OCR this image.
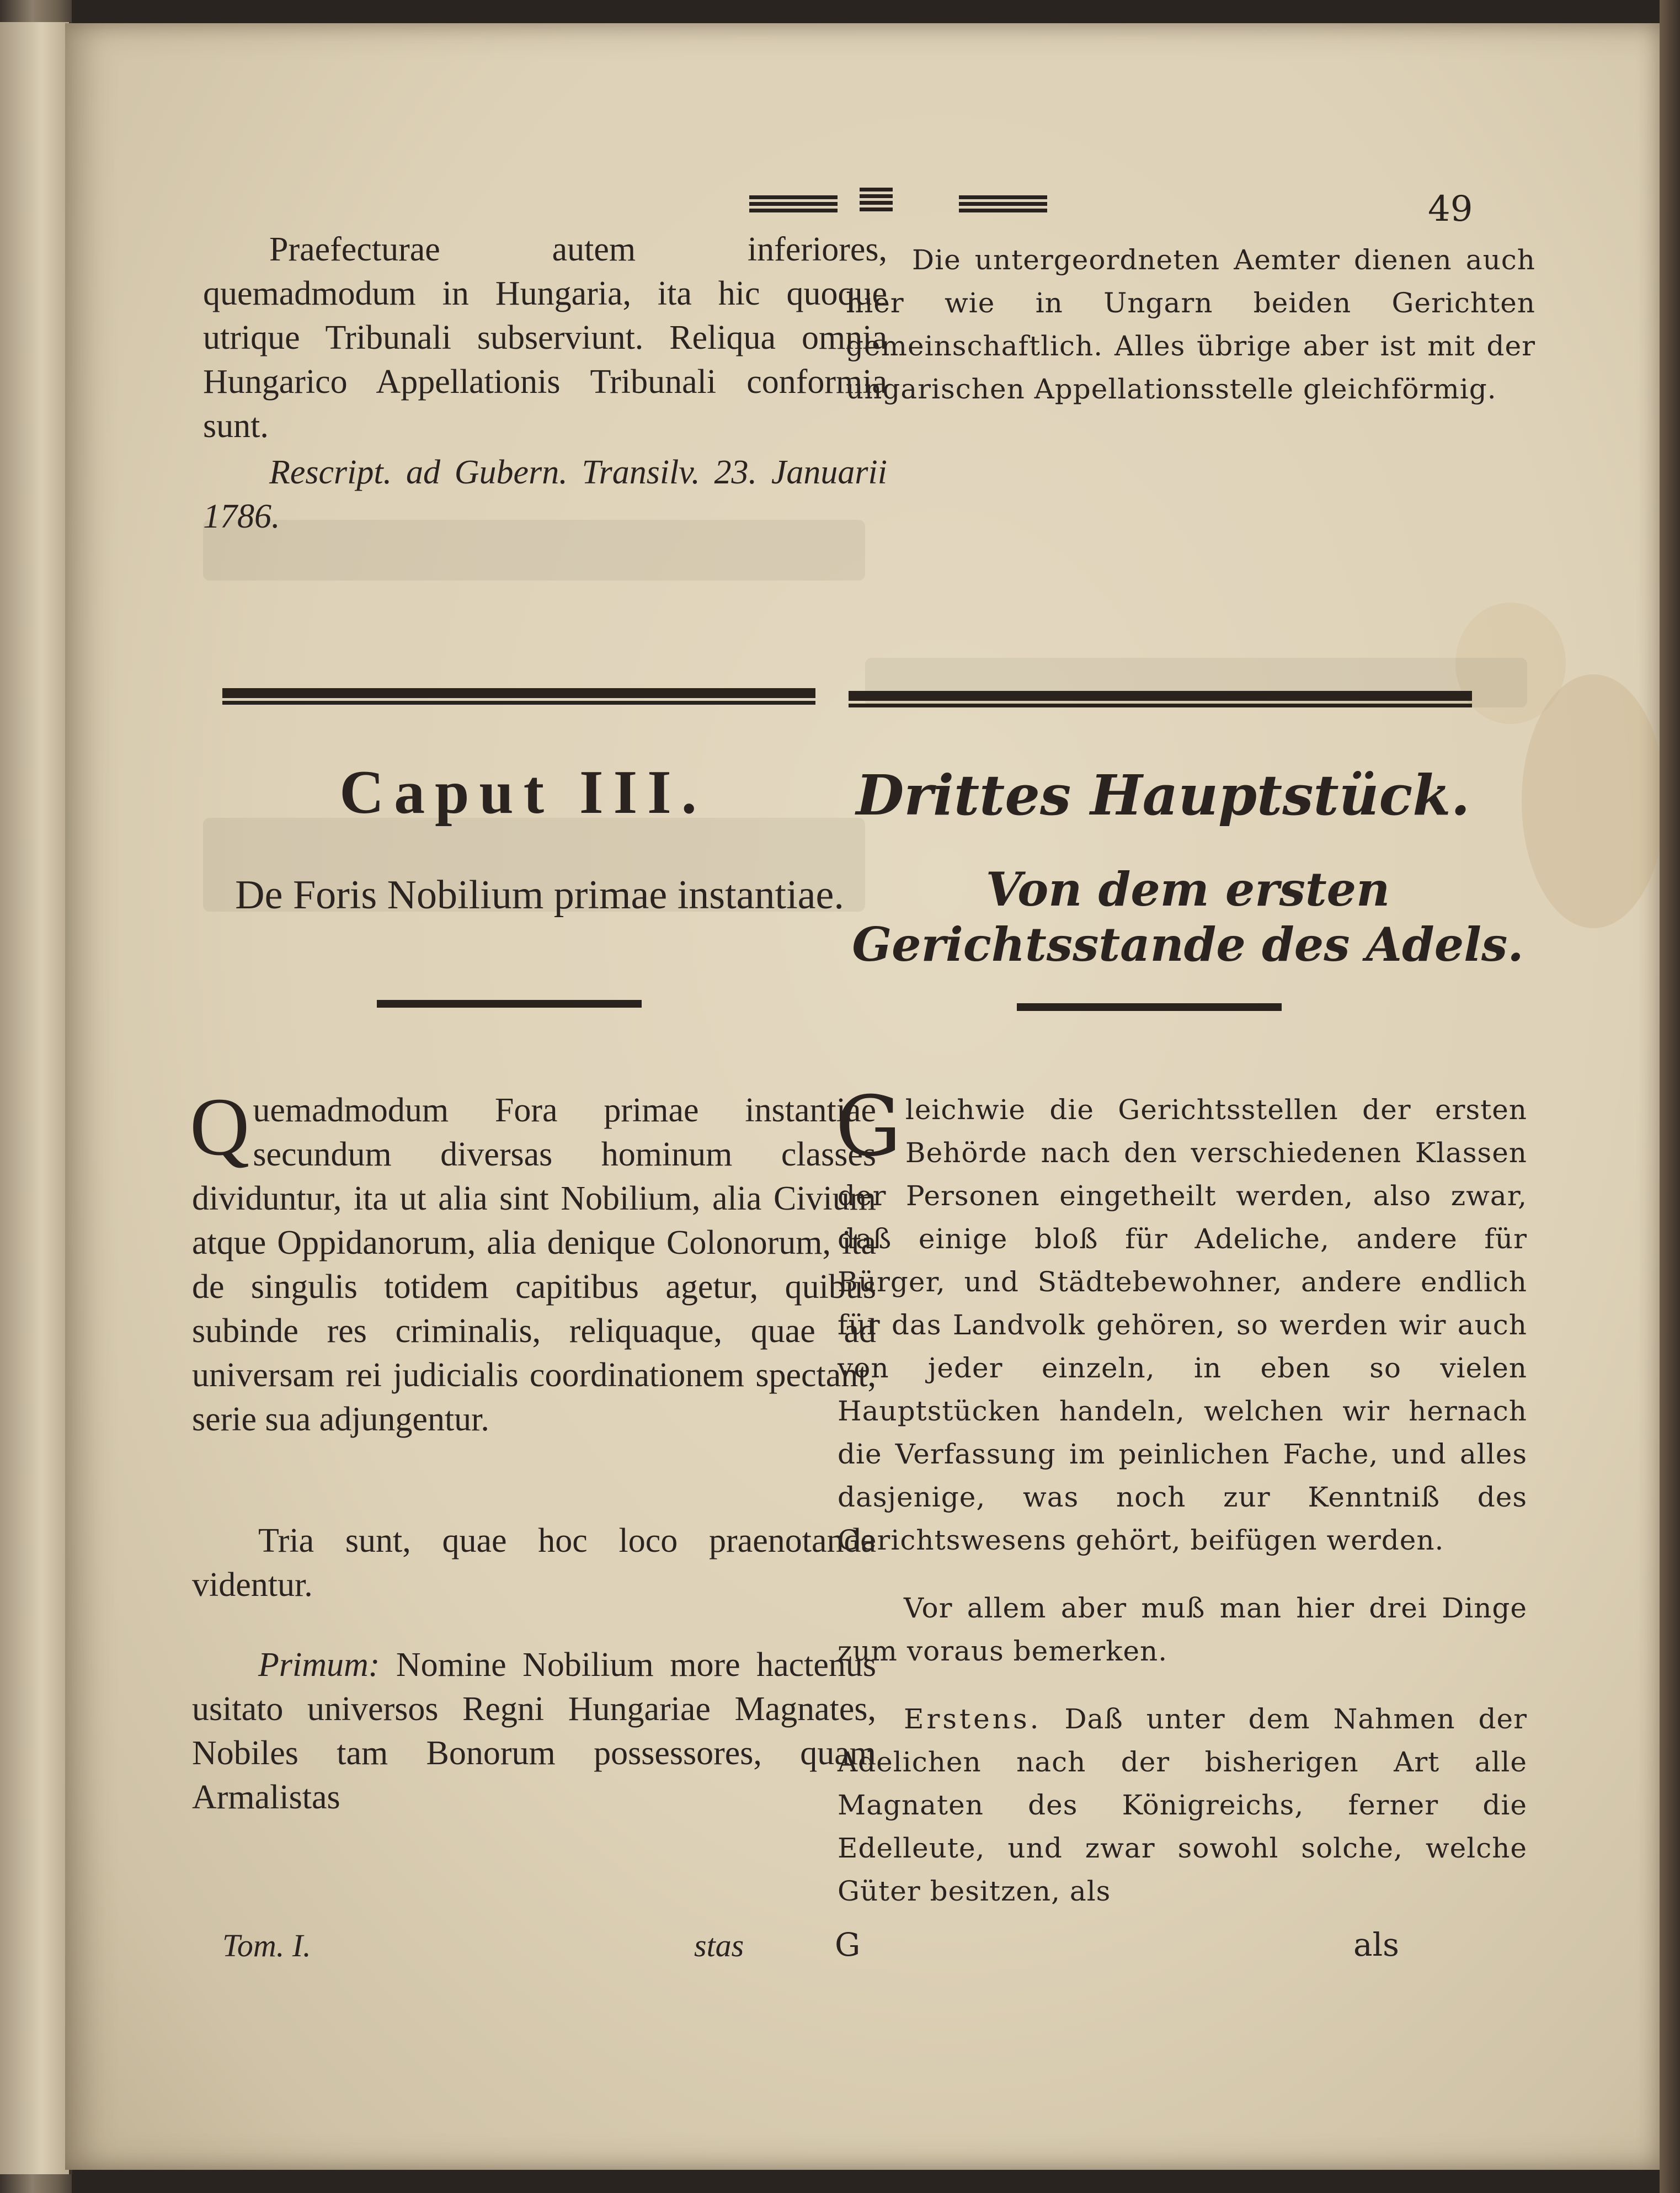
49

Praefecturae autem inferiores, quemadmodum in Hungaria, ita hic quoque utrique Tribunali subserviunt. Reliqua omnia Hungarico Appellationis Tribunali conformia sunt.

Rescript. ad Gubern. Transilv. 23. Januarii 1786.

Die untergeordneten Aemter dienen auch hier wie in Ungarn beiden Gerichten gemeinschaftlich. Alles übrige aber ist mit der ungarischen Appellationsstelle gleichförmig.

Caput III.	Drittes Hauptstück.
De Foris Nobilium primae instantiae.	Von dem ersten Gerichtsstande des Adels.

Quemadmodum Fora primae instantiae secundum diversas hominum classes dividuntur, ita ut alia sint Nobilium, alia Civium atque Oppidanorum, alia denique Colonorum, ita de singulis totidem capitibus agetur, quibus subinde res criminalis, reliquaque, quae ad universam rei judicialis coordinationem spectant, serie sua adjungentur.

Tria sunt, quae hoc loco praenotanda videntur.

Primum: Nomine Nobilium more hactenus usitato universos Regni Hungariae Magnates, Nobiles tam Bonorum possessores, quam Armalistas

Gleichwie die Gerichtsstellen der ersten Behörde nach den verschiedenen Klassen der Personen eingetheilt werden, also zwar, daß einige bloß für Adeliche, andere für Bürger, und Städtebewohner, andere endlich für das Landvolk gehören, so werden wir auch von jeder einzeln, in eben so vielen Hauptstücken handeln, welchen wir hernach die Verfassung im peinlichen Fache, und alles dasjenige, was noch zur Kenntniß des Gerichtswesens gehört, beifügen werden.

Vor allem aber muß man hier drei Dinge zum voraus bemerken.

Erstens. Daß unter dem Nahmen der Adelichen nach der bisherigen Art alle Magnaten des Königreichs, ferner die Edelleute, und zwar sowohl solche, welche Güter besitzen, als

Tom. I.	stas	G	als
